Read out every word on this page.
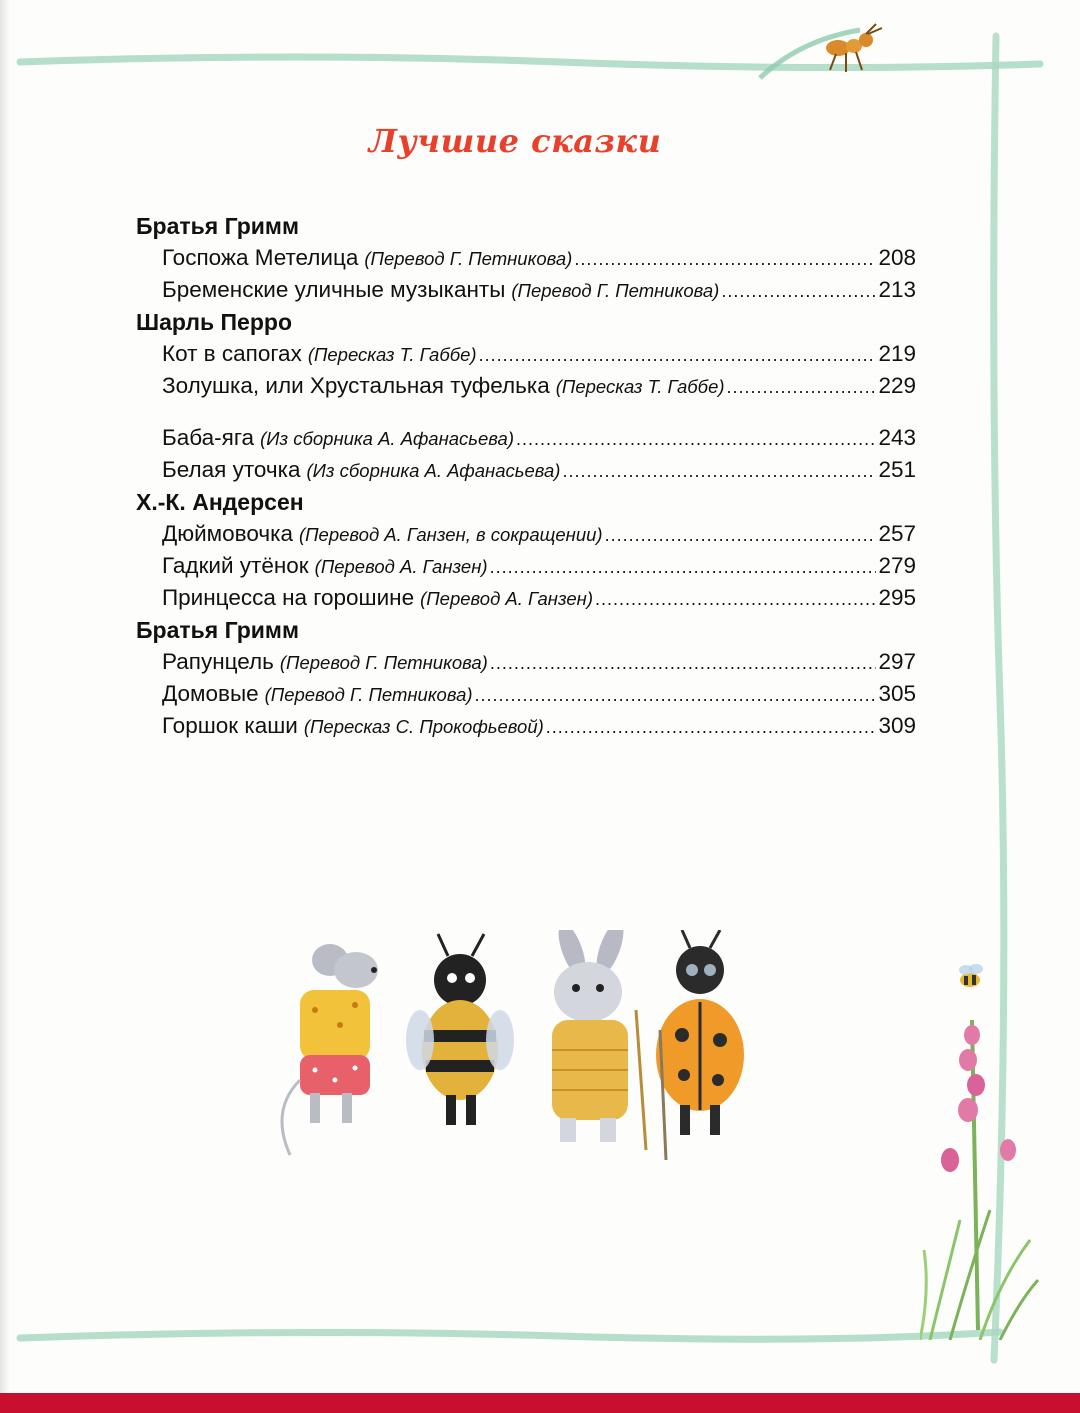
Лучшие сказки
Братья Гримм
Госпожа Метелица (Перевод Г. Петникова) .....	208
Бременские уличные музыканты (Перевод Г. Петникова) .....	213
Шарль Перро
Кот в сапогах (Пересказ Т. Габбе) .....	219
Золушка, или Хрустальная туфелька (Пересказ Т. Габбе) .....	229
Баба-яга (Из сборника А. Афанасьева) .....	243
Белая уточка (Из сборника А. Афанасьева) .....	251
Х.-К. Андерсен
Дюймовочка (Перевод А. Ганзен, в сокращении) .....	257
Гадкий утёнок (Перевод А. Ганзен) .....	279
Принцесса на горошине (Перевод А. Ганзен) .....	295
Братья Гримм
Рапунцель (Перевод Г. Петникова) .....	297
Домовые (Перевод Г. Петникова) .....	305
Горшок каши (Пересказ С. Прокофьевой) .....	309
